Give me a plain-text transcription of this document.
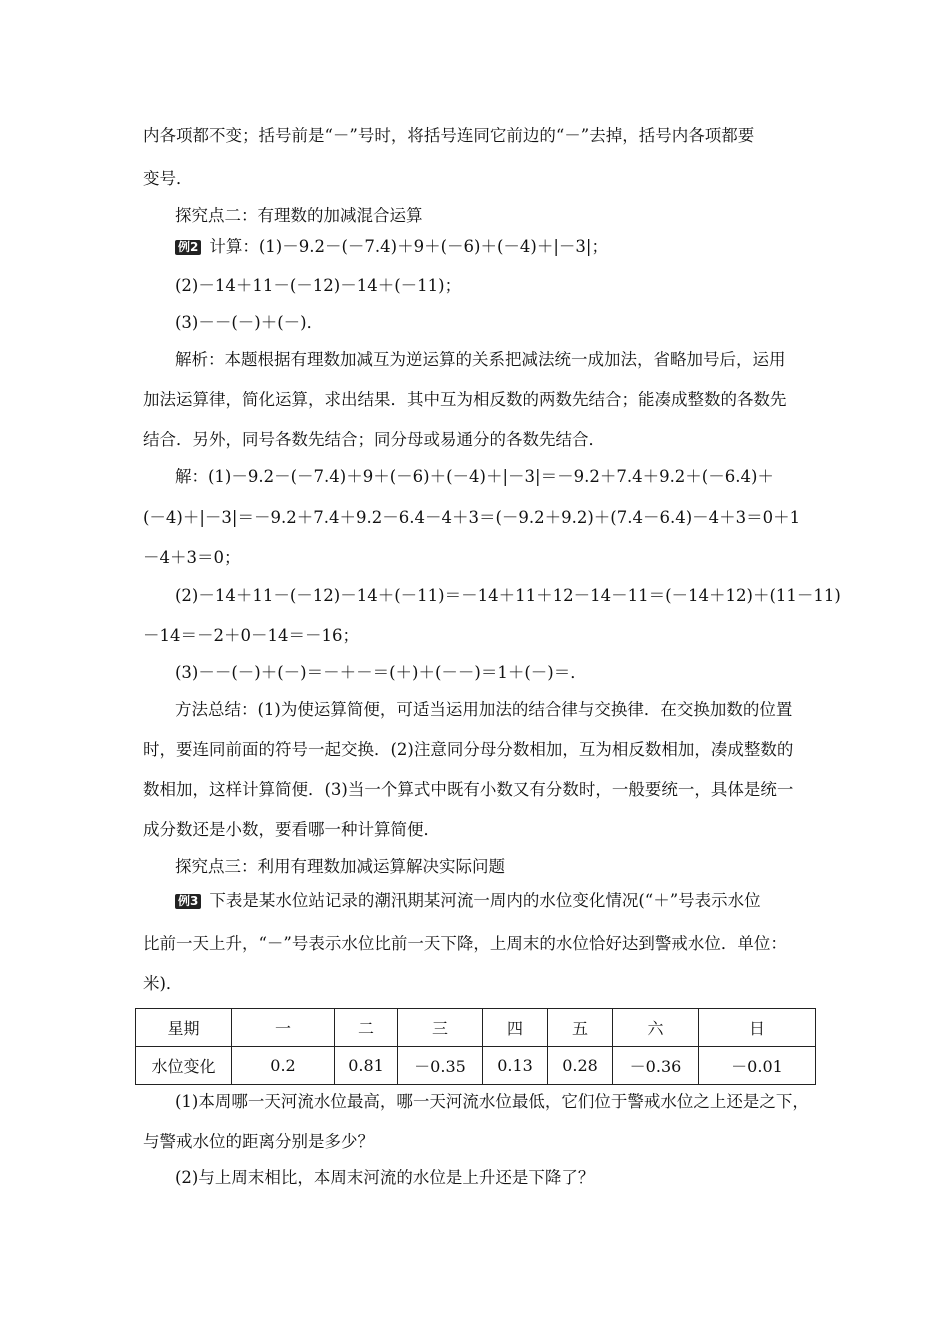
内各项都不变；括号前是“－”号时，将括号连同它前边的“－”去掉，括号内各项都要
变号．
探究点二：有理数的加减混合运算
例2 计算：(1)－9.2－(－7.4)＋9＋(－6)＋(－4)＋|－3|；
(2)－14＋11－(－12)－14＋(－11)；
(3)－－(－)＋(－)．
解析：本题根据有理数加减互为逆运算的关系把减法统一成加法，省略加号后，运用
加法运算律，简化运算，求出结果．其中互为相反数的两数先结合；能凑成整数的各数先
结合．另外，同号各数先结合；同分母或易通分的各数先结合．
解：(1)－9.2－(－7.4)＋9＋(－6)＋(－4)＋|－3|＝－9.2＋7.4＋9.2＋(－6.4)＋
(－4)＋|－3|＝－9.2＋7.4＋9.2－6.4－4＋3＝(－9.2＋9.2)＋(7.4－6.4)－4＋3＝0＋1
－4＋3＝0；
(2)－14＋11－(－12)－14＋(－11)＝－14＋11＋12－14－11＝(－14＋12)＋(11－11)
－14＝－2＋0－14＝－16；
(3)－－(－)＋(－)＝－＋－＝(＋)＋(－－)＝1＋(－)＝．
方法总结：(1)为使运算简便，可适当运用加法的结合律与交换律．在交换加数的位置
时，要连同前面的符号一起交换．(2)注意同分母分数相加，互为相反数相加，凑成整数的
数相加，这样计算简便．(3)当一个算式中既有小数又有分数时，一般要统一，具体是统一
成分数还是小数，要看哪一种计算简便．
探究点三：利用有理数加减运算解决实际问题
例3 下表是某水位站记录的潮汛期某河流一周内的水位变化情况(“＋”号表示水位
比前一天上升，“－”号表示水位比前一天下降，上周末的水位恰好达到警戒水位．单位：
米)．
星期	一	二	三	四	五	六	日
水位变化	0.2	0.81	－0.35	0.13	0.28	－0.36	－0.01
(1)本周哪一天河流水位最高，哪一天河流水位最低，它们位于警戒水位之上还是之下，
与警戒水位的距离分别是多少？
(2)与上周末相比，本周末河流的水位是上升还是下降了？
